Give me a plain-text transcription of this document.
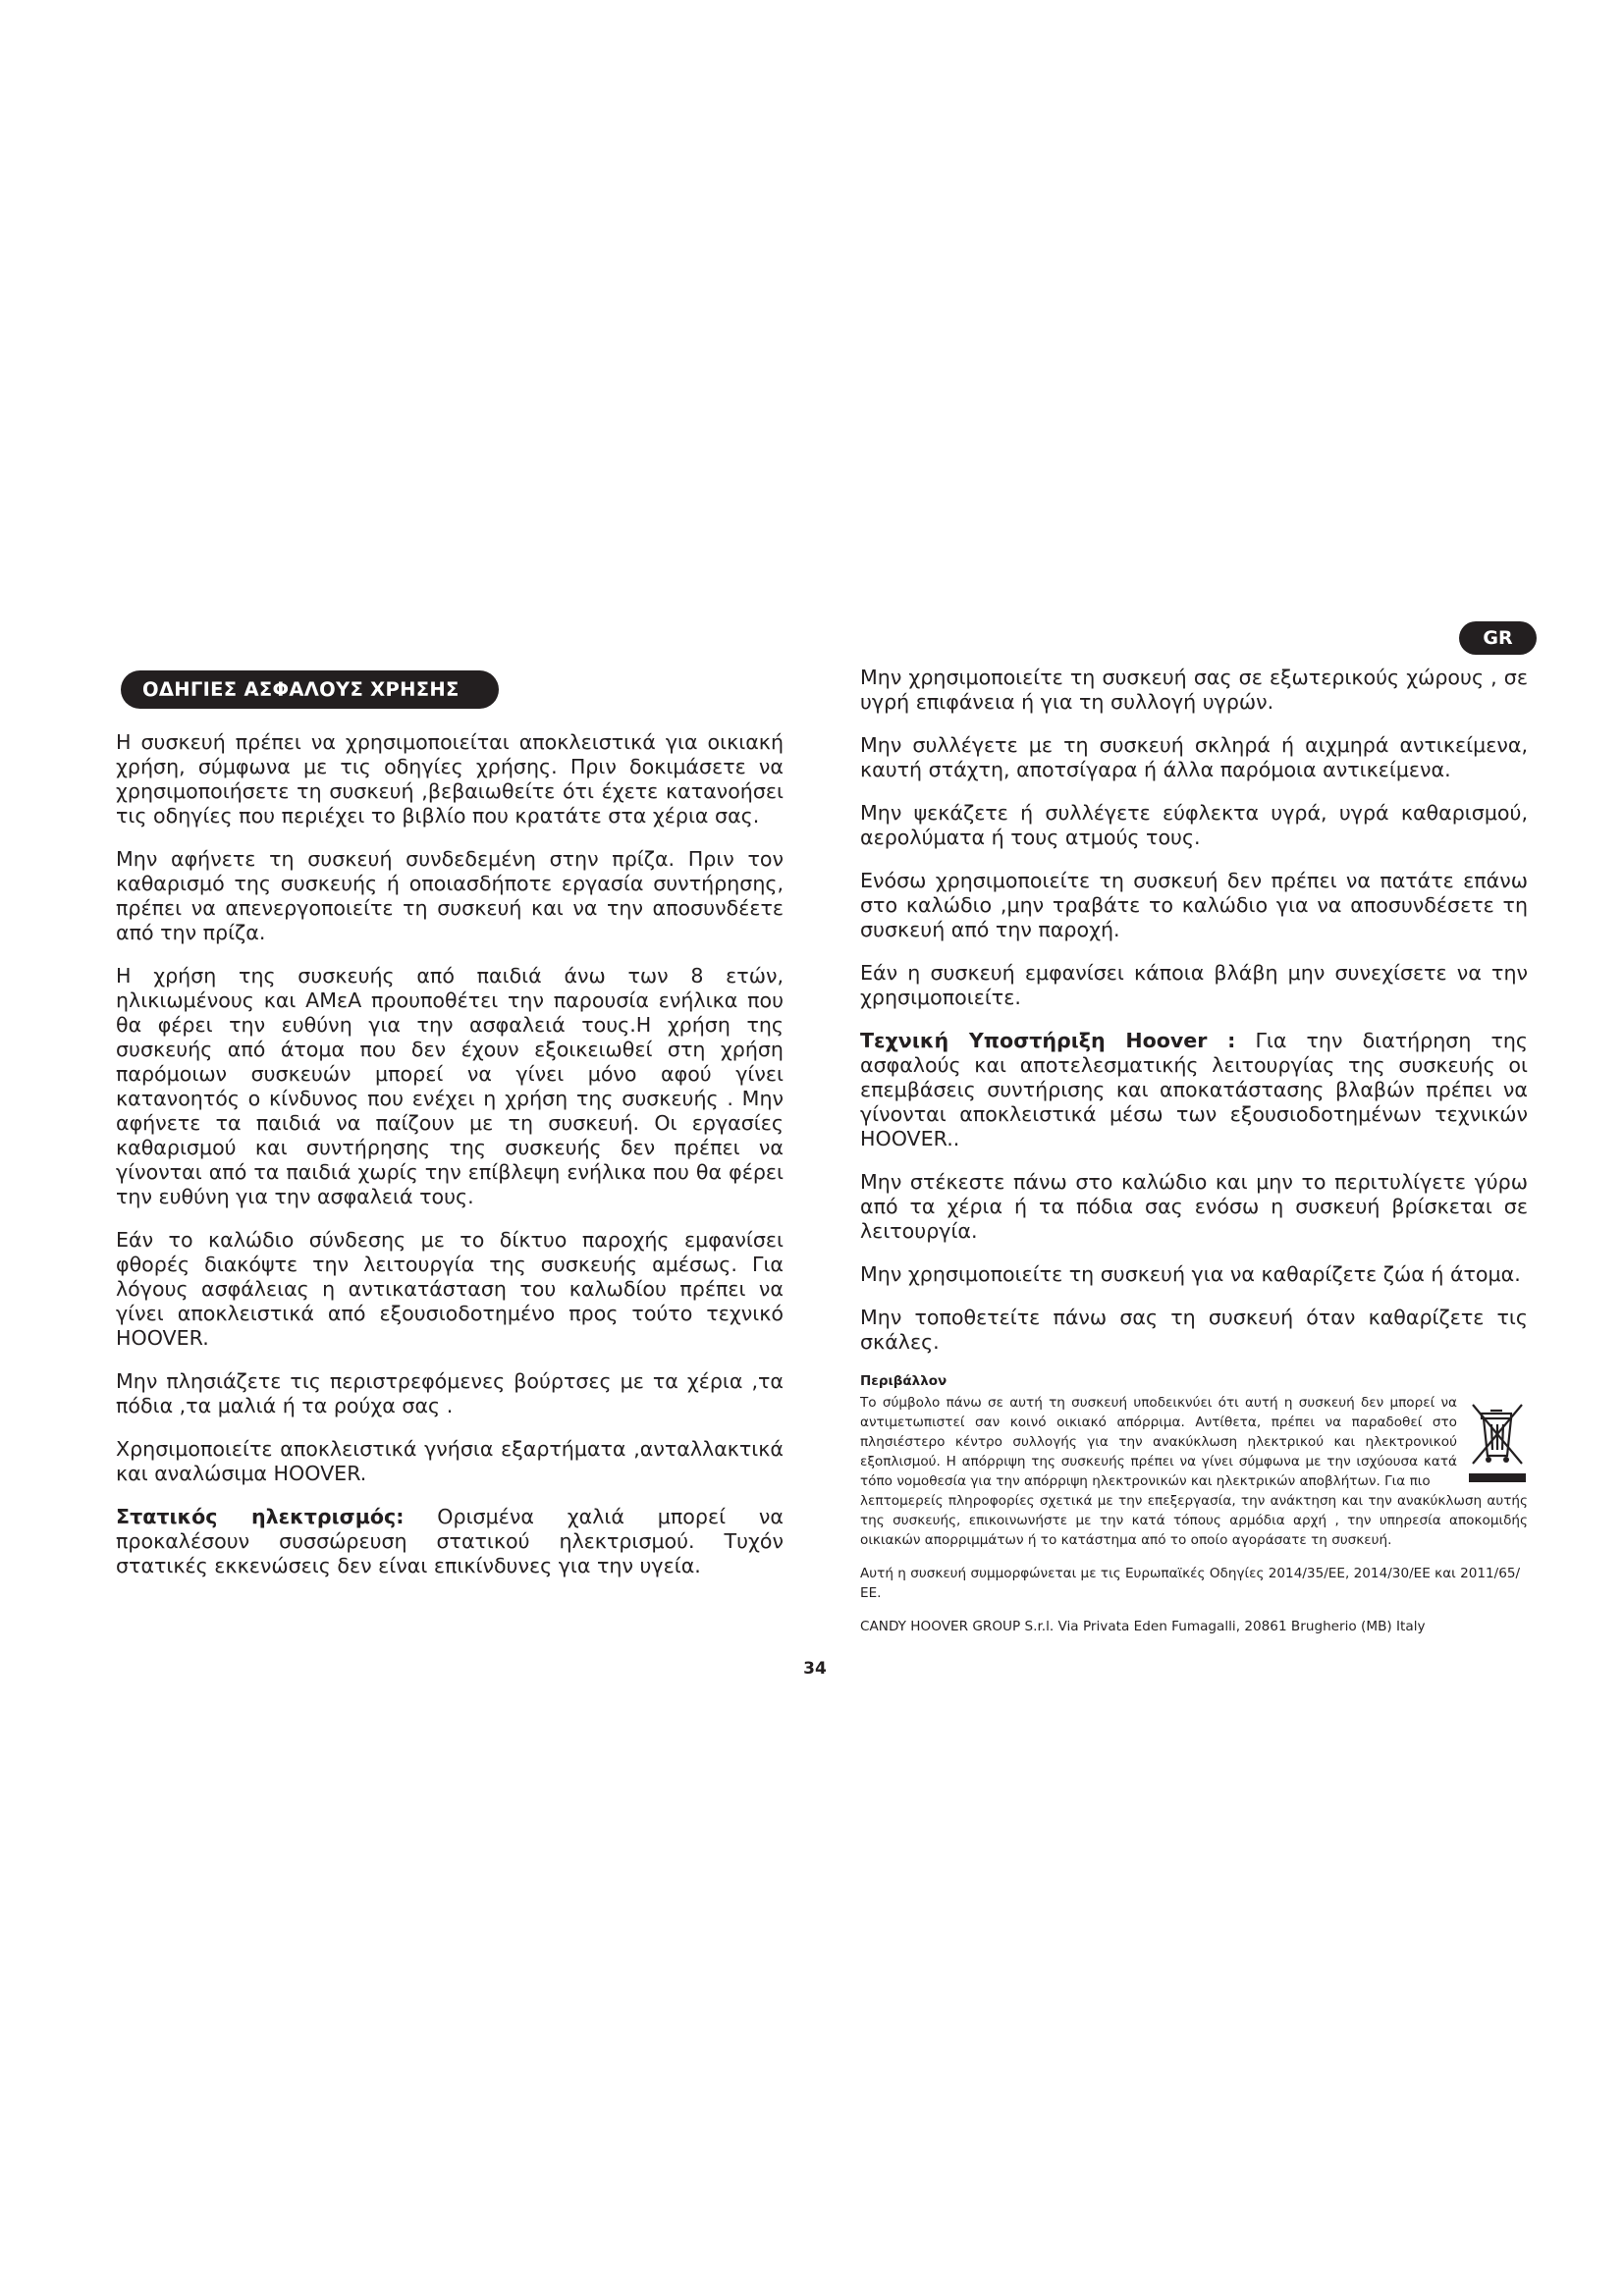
GR
ΟΔΗΓΙΕΣ ΑΣΦΑΛΟΥΣ ΧΡΗΣΗΣ

Η συσκευή πρέπει να χρησιμοποιείται αποκλειστικά για οικιακή χρήση, σύμφωνα με τις οδηγίες χρήσης. Πριν δοκιμάσετε να χρησιμοποιήσετε τη συσκευή ,βεβαιωθείτε ότι έχετε κατανοήσει τις οδηγίες που περιέχει το βιβλίο που κρατάτε στα χέρια σας.

Μην αφήνετε τη συσκευή συνδεδεμένη στην πρίζα. Πριν τον καθαρισμό της συσκευής ή οποιασδήποτε εργασία συντήρησης, πρέπει να απενεργοποιείτε τη συσκευή και να την αποσυνδέετε από την πρίζα.

Η χρήση της συσκευής από παιδιά άνω των 8 ετών, ηλικιωμένους και ΑΜεΑ προυποθέτει την παρουσία ενήλικα που θα φέρει την ευθύνη για την ασφαλειά τους.Η χρήση της συσκευής από άτομα που δεν έχουν εξοικειωθεί στη χρήση παρόμοιων συσκευών μπορεί να γίνει μόνο αφού γίνει κατανοητός ο κίνδυνος που ενέχει η χρήση της συσκευής . Μην αφήνετε τα παιδιά να παίζουν με τη συσκευή. Οι εργασίες καθαρισμού και συντήρησης της συσκευής δεν πρέπει να γίνονται από τα παιδιά χωρίς την επίβλεψη ενήλικα που θα φέρει την ευθύνη για την ασφαλειά τους.

Εάν το καλώδιο σύνδεσης με το δίκτυο παροχής εμφανίσει φθορές διακόψτε την λειτουργία της συσκευής αμέσως. Για λόγους ασφάλειας η αντικατάσταση του καλωδίου πρέπει να γίνει αποκλειστικά από εξουσιοδοτημένο προς τούτο τεχνικό HOOVER.

Μην πλησιάζετε τις περιστρεφόμενες βούρτσες με τα χέρια ,τα πόδια ,τα μαλιά ή τα ρούχα σας .

Χρησιμοποιείτε αποκλειστικά γνήσια εξαρτήματα ,ανταλλακτικά και αναλώσιμα HOOVER.

Στατικός ηλεκτρισμός: Ορισμένα χαλιά μπορεί να προκαλέσουν συσσώρευση στατικού ηλεκτρισμού. Τυχόν στατικές εκκενώσεις δεν είναι επικίνδυνες για την υγεία.

Μην χρησιμοποιείτε τη συσκευή σας σε εξωτερικούς χώρους , σε υγρή επιφάνεια ή για τη συλλογή υγρών.

Μην συλλέγετε με τη συσκευή σκληρά ή αιχμηρά αντικείμενα, καυτή στάχτη, αποτσίγαρα ή άλλα παρόμοια αντικείμενα.

Μην ψεκάζετε ή συλλέγετε εύφλεκτα υγρά, υγρά καθαρισμού, αερολύματα ή τους ατμούς τους.

Ενόσω χρησιμοποιείτε τη συσκευή δεν πρέπει να πατάτε επάνω στο καλώδιο ,μην τραβάτε το καλώδιο για να αποσυνδέσετε τη συσκευή από την παροχή.

Εάν η συσκευή εμφανίσει κάποια βλάβη μην συνεχίσετε να την χρησιμοποιείτε.

Τεχνική Υποστήριξη Hoover : Για την διατήρηση της ασφαλούς και αποτελεσματικής λειτουργίας της συσκευής οι επεμβάσεις συντήρισης και αποκατάστασης βλαβών πρέπει να γίνονται αποκλειστικά μέσω των εξουσιοδοτημένων τεχνικών HOOVER..

Μην στέκεστε πάνω στο καλώδιο και μην το περιτυλίγετε γύρω από τα χέρια ή τα πόδια σας ενόσω η συσκευή βρίσκεται σε λειτουργία.

Μην χρησιμοποιείτε τη συσκευή για να καθαρίζετε ζώα ή άτομα.

Μην τοποθετείτε πάνω σας τη συσκευή όταν καθαρίζετε τις σκάλες.

Περιβάλλον

Το σύμβολο πάνω σε αυτή τη συσκευή υποδεικνύει ότι αυτή η συσκευή δεν μπορεί να αντιμετωπιστεί σαν κοινό οικιακό απόρριμα. Αντίθετα, πρέπει να παραδοθεί στο πλησιέστερο κέντρο συλλογής για την ανακύκλωση ηλεκτρικού και ηλεκτρονικού εξοπλισμού. Η απόρριψη της συσκευής πρέπει να γίνει σύμφωνα με την ισχύουσα κατά τόπο νομοθεσία για την απόρριψη ηλεκτρονικών και ηλεκτρικών αποβλήτων. Για πιο

λεπτομερείς πληροφορίες σχετικά με την επεξεργασία, την ανάκτηση και την ανακύκλωση αυτής της συσκευής, επικοινωνήστε με την κατά τόπους αρμόδια αρχή , την υπηρεσία αποκομιδής οικιακών απορριμμάτων ή το κατάστημα από το οποίο αγοράσατε τη συσκευή.

Αυτή η συσκευή συμμορφώνεται με τις Ευρωπαϊκές Οδηγίες 2014/35/ΕΕ, 2014/30/ΕΕ και 2011/65/ ΕΕ.

CANDY HOOVER GROUP S.r.l. Via Privata Eden Fumagalli, 20861 Brugherio (MB) Italy

34
